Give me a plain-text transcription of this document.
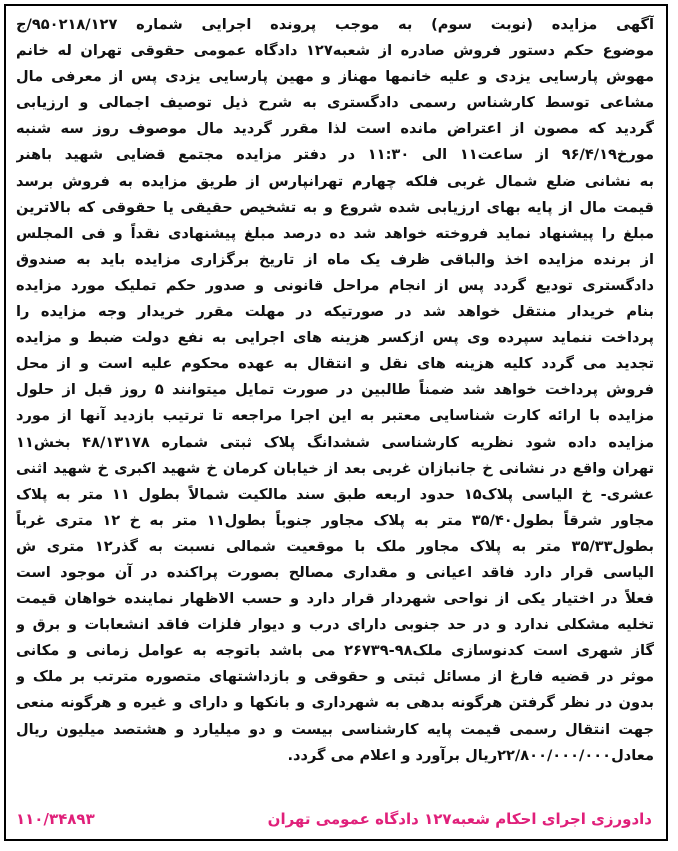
آگهی مزایده (نوبت سوم) به موجب پرونده اجرایی شماره ۹۵۰۲۱۸/۱۲۷/ج
موضوع حکم دستور فروش صادره از شعبه۱۲۷ دادگاه عمومی حقوقی تهران له خانم
مهوش پارسایی یزدی و علیه خانمها مهناز و مهین پارسایی یزدی پس از معرفی مال
مشاعی توسط کارشناس رسمی دادگستری به شرح ذیل توصیف اجمالی و ارزیابی
گردید که مصون از اعتراض مانده است لذا مقرر گردید مال موصوف روز سه شنبه
مورخ۹۶/۴/۱۹ از ساعت۱۱ الی ۱۱:۳۰ در دفتر مزایده مجتمع قضایی شهید باهنر
به نشانی ضلع شمال غربی فلکه چهارم تهرانپارس از طریق مزایده به فروش برسد
قیمت مال از پایه بهای ارزیابی شده شروع و به تشخیص حقیقی یا حقوقی که بالاترین
مبلغ را پیشنهاد نماید فروخته خواهد شد ده درصد مبلغ پیشنهادی نقداً و فی المجلس
از برنده مزایده اخذ والباقی ظرف یک ماه از تاریخ برگزاری مزایده باید به صندوق
دادگستری تودیع گردد پس از انجام مراحل قانونی و صدور حکم تملیک مورد مزایده
بنام خریدار منتقل خواهد شد در صورتیکه در مهلت مقرر خریدار وجه مزایده را
پرداخت ننماید سپرده وی پس ازکسر هزینه های اجرایی به نفع دولت ضبط و مزایده
تجدید می گردد کلیه هزینه های نقل و انتقال به عهده محکوم علیه است و از محل
فروش پرداخت خواهد شد ضمناً طالبین در صورت تمایل میتوانند ۵ روز قبل از حلول
مزایده با ارائه کارت شناسایی معتبر به این اجرا مراجعه تا ترتیب بازدید آنها از مورد
مزایده داده شود نظریه کارشناسی ششدانگ پلاک ثبتی شماره ۴۸/۱۳۱۷۸ بخش۱۱
تهران واقع در نشانی خ جانبازان غربی بعد از خیابان کرمان خ شهید اکبری خ شهید اثنی
عشری- خ الیاسی پلاک۱۵ حدود اربعه طبق سند مالکیت شمالاً بطول ۱۱ متر به پلاک
مجاور شرقاً بطول۳۵/۴۰ متر به پلاک مجاور جنوباً بطول۱۱ متر به خ ۱۲ متری غرباً
بطول۳۵/۳۳ متر به پلاک مجاور ملک با موقعیت شمالی نسبت به گذر۱۲ متری ش
الیاسی قرار دارد فاقد اعیانی و مقداری مصالح بصورت پراکنده در آن موجود است
فعلاً در اختیار یکی از نواحی شهردار قرار دارد و حسب الاظهار نماینده خواهان قیمت
تخلیه مشکلی ندارد و در حد جنوبی دارای درب و دیوار فلزات فاقد انشعابات و برق و
گاز شهری است کدنوسازی ملک۹۸-۲۶۷۳۹ می باشد باتوجه به عوامل زمانی و مکانی
موثر در قضیه فارغ از مسائل ثبتی و حقوقی و بازداشتهای متصوره مترتب بر ملک و
بدون در نظر گرفتن هرگونه بدهی به شهرداری و بانکها و دارای و غیره و هرگونه منعی
جهت انتقال رسمی قیمت پایه کارشناسی بیست و دو میلیارد و هشتصد میلیون ریال
معادل۲۲/۸۰۰/۰۰۰/۰۰۰ریال برآورد و اعلام می گردد.
دادورزی اجرای احکام شعبه۱۲۷ دادگاه عمومی تهران
۱۱۰/۳۴۸۹۳
